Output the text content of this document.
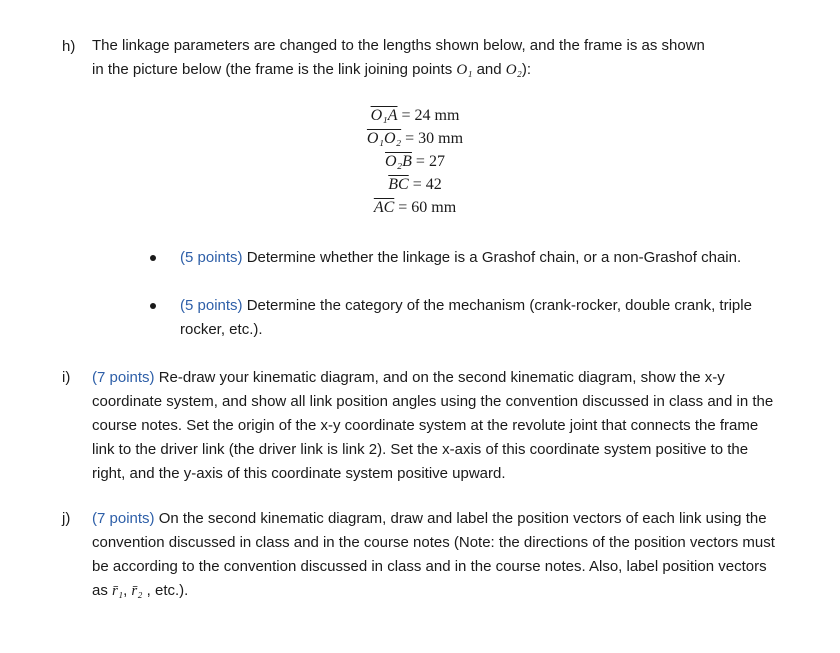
h) The linkage parameters are changed to the lengths shown below, and the frame is as shown
in the picture below (the frame is the link joining points O₁ and O₂):
O₁A = 24 mm
O₁O₂ = 30 mm
O₂B = 27
$\overline{BC} = 42$
$\overline{AC} = 60$ mm
(5 points) Determine whether the linkage is a Grashof chain, or a non-Grashof chain.
(5 points) Determine the category of the mechanism (crank-rocker, double crank, triple rocker, etc.).
i) (7 points) Re-draw your kinematic diagram, and on the second kinematic diagram, show the x-y coordinate system, and show all link position angles using the convention discussed in class and in the course notes. Set the origin of the x-y coordinate system at the revolute joint that connects the frame link to the driver link (the driver link is link 2). Set the x-axis of this coordinate system positive to the right, and the y-axis of this coordinate system positive upward.
j) (7 points) On the second kinematic diagram, draw and label the position vectors of each link using the convention discussed in class and in the course notes (Note: the directions of the position vectors must be according to the convention discussed in class and in the course notes. Also, label position vectors as r̄₁, r̄₂ , etc.).
